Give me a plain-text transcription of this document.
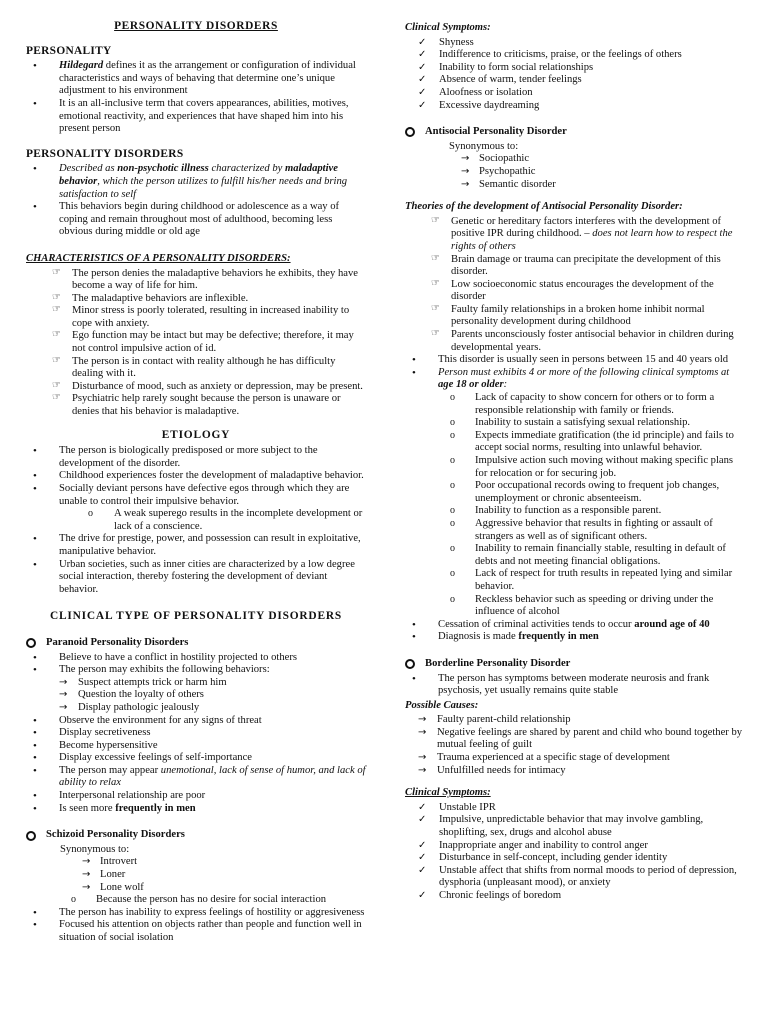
PERSONALITY DISORDERS
PERSONALITY
• Hildegard defines it as the arrangement or configuration of individual characteristics and ways of behaving that determine one’s unique adjustment to his environment
• It is an all-inclusive term that covers appearances, abilities, motives, emotional reactivity, and experiences that have shaped him into his present person
PERSONALITY DISORDERS
• Described as non-psychotic illness characterized by maladaptive behavior, which the person utilizes to fulfill his/her needs and bring satisfaction to self
• This behaviors begin during childhood or adolescence as a way of coping and remain throughout most of adulthood, becoming less obvious during middle or old age
CHARACTERISTICS OF A PERSONALITY DISORDERS:
☞ The person denies the maladaptive behaviors he exhibits, they have become a way of life for him.
☞ The maladaptive behaviors are inflexible.
☞ Minor stress is poorly tolerated, resulting in increased inability to cope with anxiety.
☞ Ego function may be intact but may be defective; therefore, it may not control impulsive action of id.
☞ The person is in contact with reality although he has difficulty dealing with it.
☞ Disturbance of mood, such as anxiety or depression, may be present.
☞ Psychiatric help rarely sought because the person is unaware or denies that his behavior is maladaptive.
ETIOLOGY
• The person is biologically predisposed or more subject to the development of the disorder.
• Childhood experiences foster the development of maladaptive behavior.
• Socially deviant persons have defective egos through which they are unable to control their impulsive behavior.
o A weak superego results in the incomplete development or lack of a conscience.
• The drive for prestige, power, and possession can result in exploitative, manipulative behavior.
• Urban societies, such as inner cities are characterized by a low degree social interaction, thereby fostering the development of deviant behavior.
CLINICAL TYPE OF PERSONALITY DISORDERS
Paranoid Personality Disorders
• Believe to have a conflict in hostility projected to others
• The person may exhibits the following behaviors:
→ Suspect attempts trick or harm him
→ Question the loyalty of others
→ Display pathologic jealously
• Observe the environment for any signs of threat
• Display secretiveness
• Become hypersensitive
• Display excessive feelings of self-importance
• The person may appear unemotional, lack of sense of humor, and lack of ability to relax
• Interpersonal relationship are poor
• Is seen more frequently in men
Schizoid Personality Disorders
Synonymous to:
→ Introvert
→ Loner
→ Lone wolf
o Because the person has no desire for social interaction
• The person has inability to express feelings of hostility or aggresiveness
• Focused his attention on objects rather than people and function well in situation of social isolation
Clinical Symptoms:
✓ Shyness
✓ Indifference to criticisms, praise, or the feelings of others
✓ Inability to form social relationships
✓ Absence of warm, tender feelings
✓ Aloofness or isolation
✓ Excessive daydreaming
Antisocial Personality Disorder
Synonymous to:
→ Sociopathic
→ Psychopathic
→ Semantic disorder
Theories of the development of Antisocial Personality Disorder:
☞ Genetic or hereditary factors interferes with the development of positive IPR during childhood. – does not learn how to respect the rights of others
☞ Brain damage or trauma can precipitate the development of this disorder.
☞ Low socioeconomic status encourages the development of the disorder
☞ Faulty family relationships in a broken home inhibit normal personality development during childhood
☞ Parents unconsciously foster antisocial behavior in children during developmental years.
• This disorder is usually seen in persons between 15 and 40 years old
• Person must exhibits 4 or more of the following clinical symptoms at age 18 or older:
o Lack of capacity to show concern for others or to form a responsible relationship with family or friends.
o Inability to sustain a satisfying sexual relationship.
o Expects immediate gratification (the id principle) and fails to accept social norms, resulting into unlawful behavior.
o Impulsive action such moving without making specific plans for relocation or for securing job.
o Poor occupational records owing to frequent job changes, unemployment or chronic absenteeism.
o Inability to function as a responsible parent.
o Aggressive behavior that results in fighting or assault of strangers as well as of significant others.
o Inability to remain financially stable, resulting in default of debts and not meeting financial obligations.
o Lack of respect for truth results in repeated lying and similar behavior.
o Reckless behavior such as speeding or driving under the influence of alcohol
• Cessation of criminal activities tends to occur around age of 40
• Diagnosis is made frequently in men
Borderline Personality Disorder
• The person has symptoms between moderate neurosis and frank psychosis, yet usually remains quite stable
Possible Causes:
→ Faulty parent-child relationship
→ Negative feelings are shared by parent and child who bound together by mutual feeling of guilt
→ Trauma experienced at a specific stage of development
→ Unfulfilled needs for intimacy
Clinical Symptoms:
✓ Unstable IPR
✓ Impulsive, unpredictable behavior that may involve gambling, shoplifting, sex, drugs and alcohol abuse
✓ Inappropriate anger and inability to control anger
✓ Disturbance in self-concept, including gender identity
✓ Unstable affect that shifts from normal moods to period of depression, dysphoria (unpleasant mood), or anxiety
✓ Chronic feelings of boredom
